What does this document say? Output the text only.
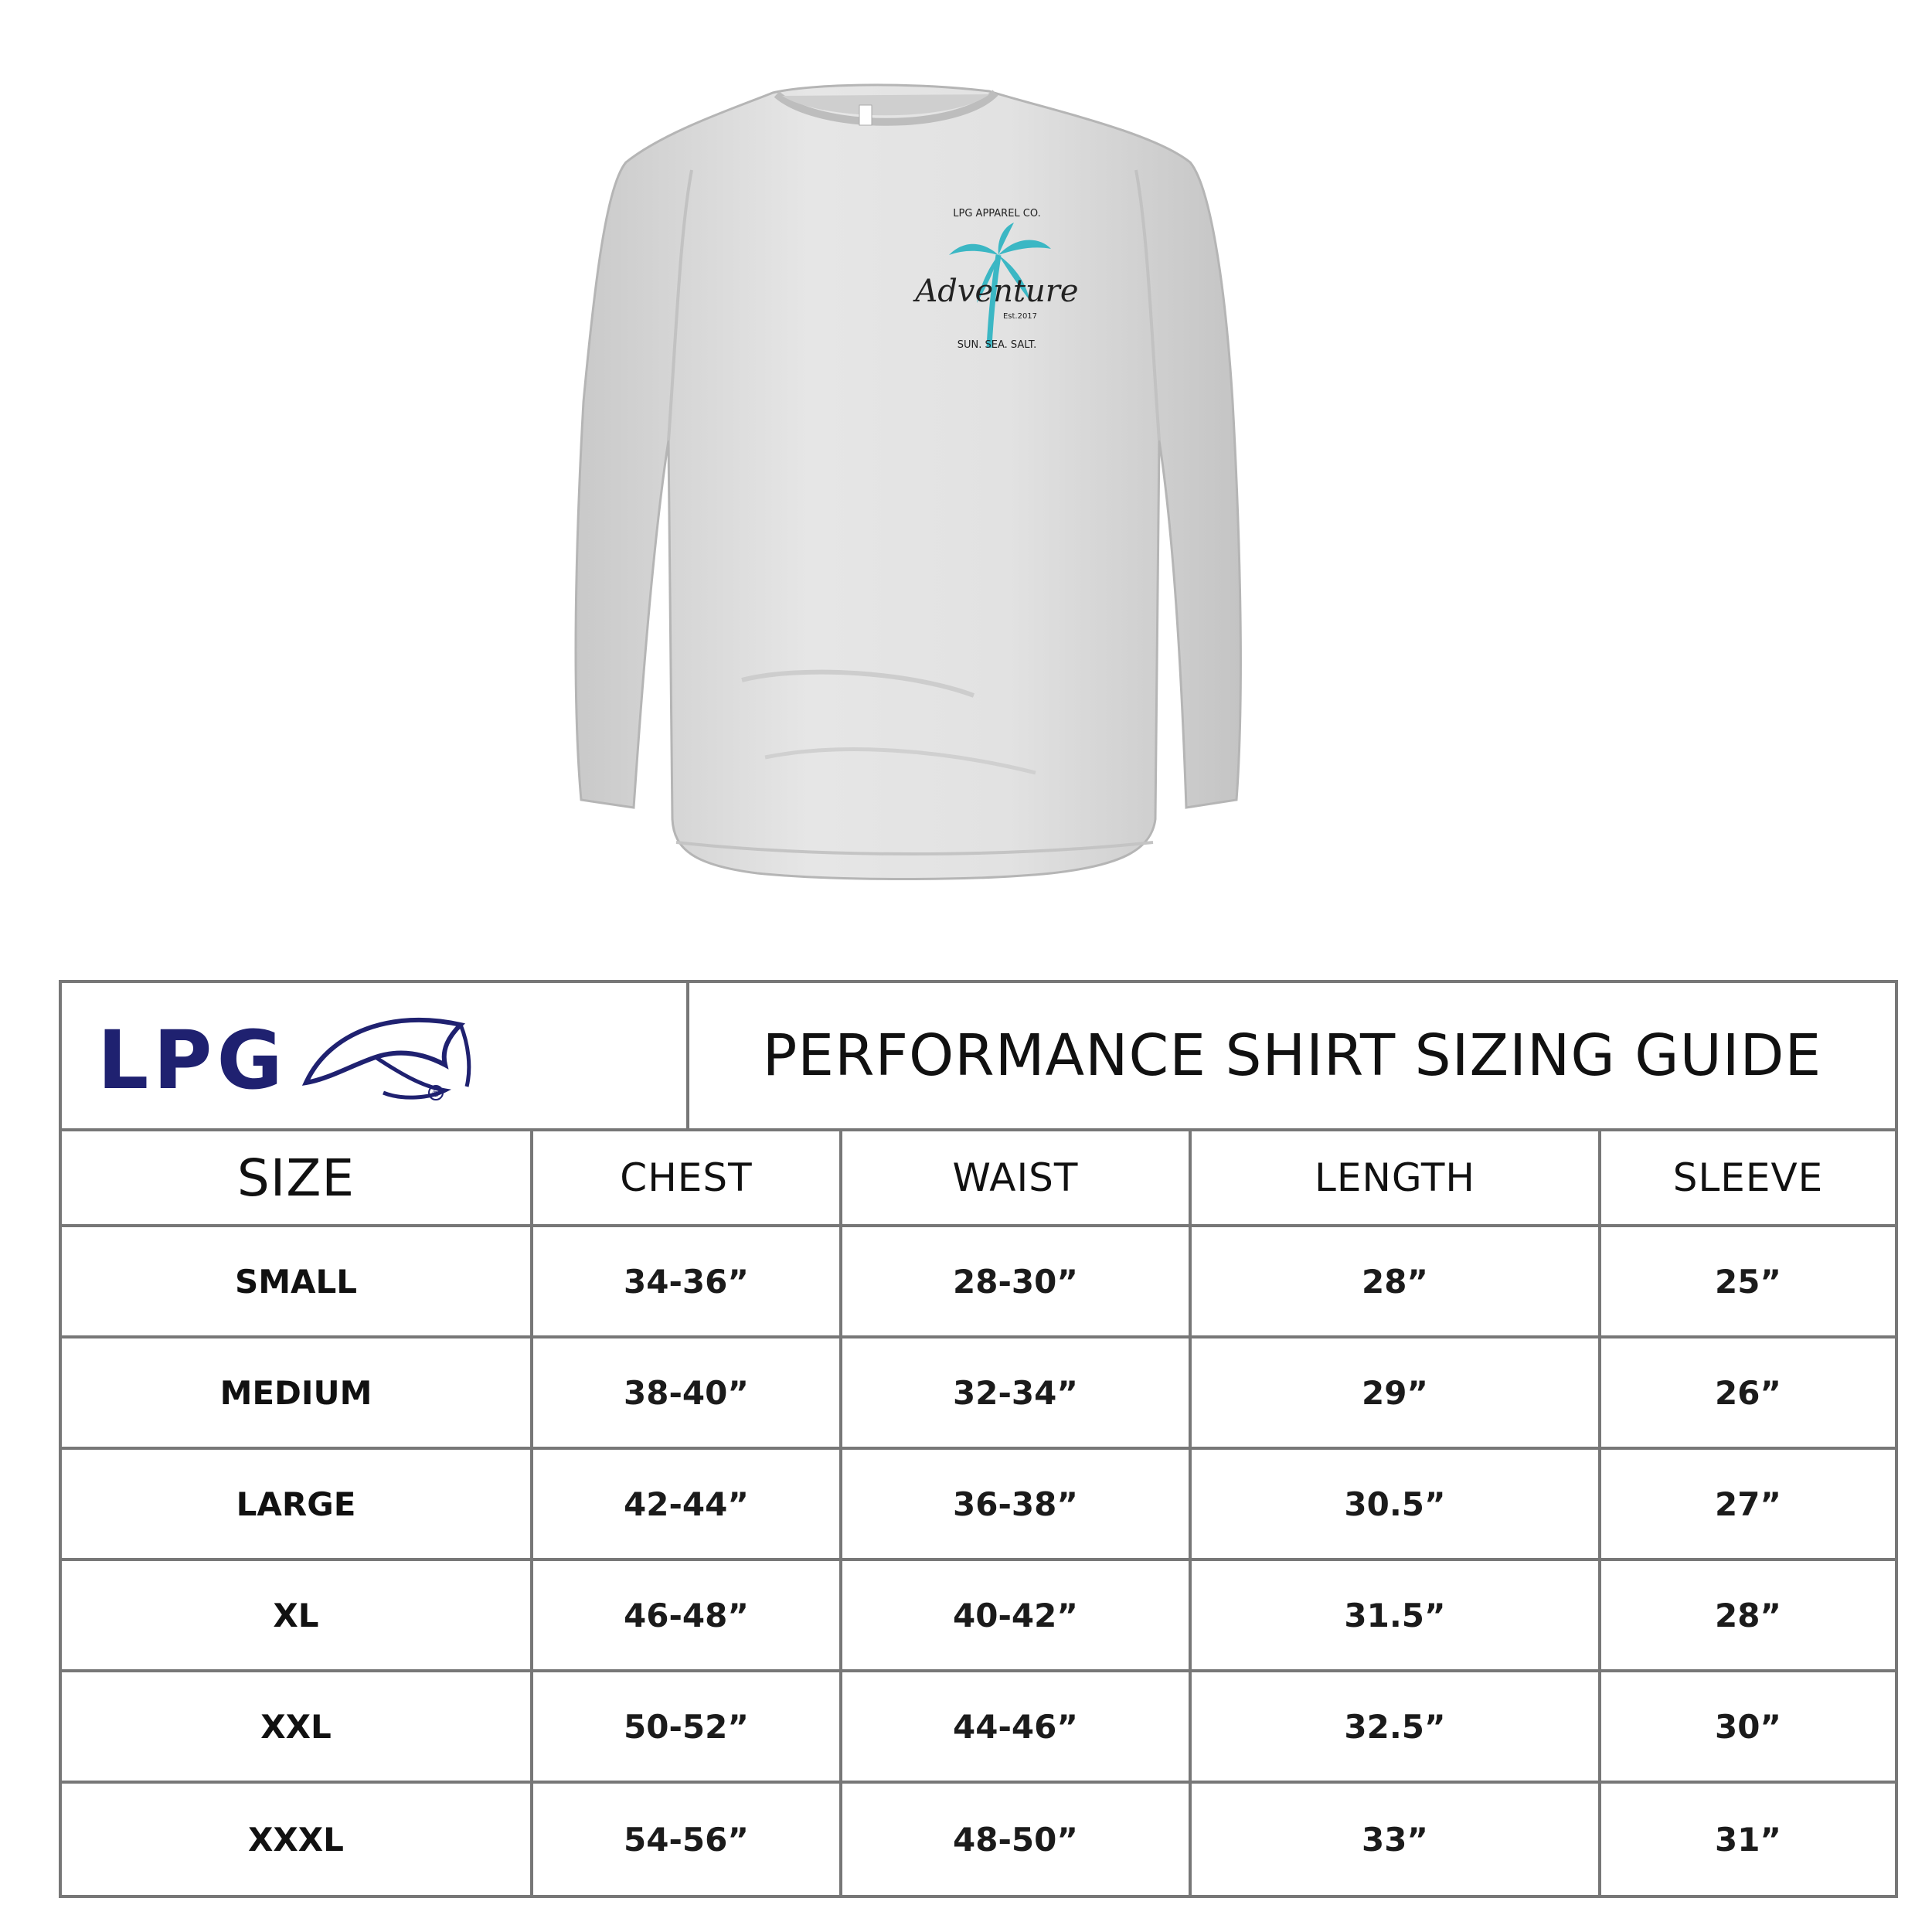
LPG APPAREL CO.
Adventure
Est.2017
SUN. SEA. SALT.
®
LPG	PERFORMANCE SHIRT SIZING GUIDE
SIZE	CHEST	WAIST	LENGTH	SLEEVE
SMALL	34-36”	28-30”	28”	25”
MEDIUM	38-40”	32-34”	29”	26”
LARGE	42-44”	36-38”	30.5”	27”
XL	46-48”	40-42”	31.5”	28”
XXL	50-52”	44-46”	32.5”	30”
XXXL	54-56”	48-50”	33”	31”
